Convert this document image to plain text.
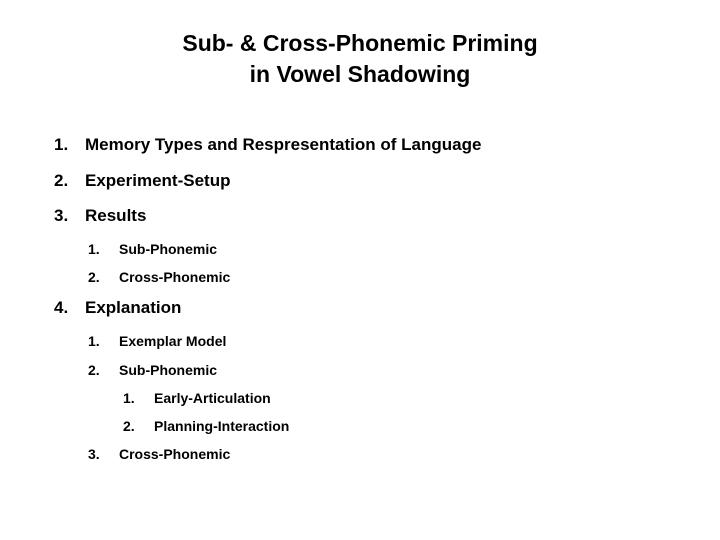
Sub- & Cross-Phonemic Priming
in Vowel Shadowing
1. Memory Types and Respresentation of Language
2. Experiment-Setup
3. Results
1. Sub-Phonemic
2. Cross-Phonemic
4. Explanation
1. Exemplar Model
2. Sub-Phonemic
1. Early-Articulation
2. Planning-Interaction
3. Cross-Phonemic
